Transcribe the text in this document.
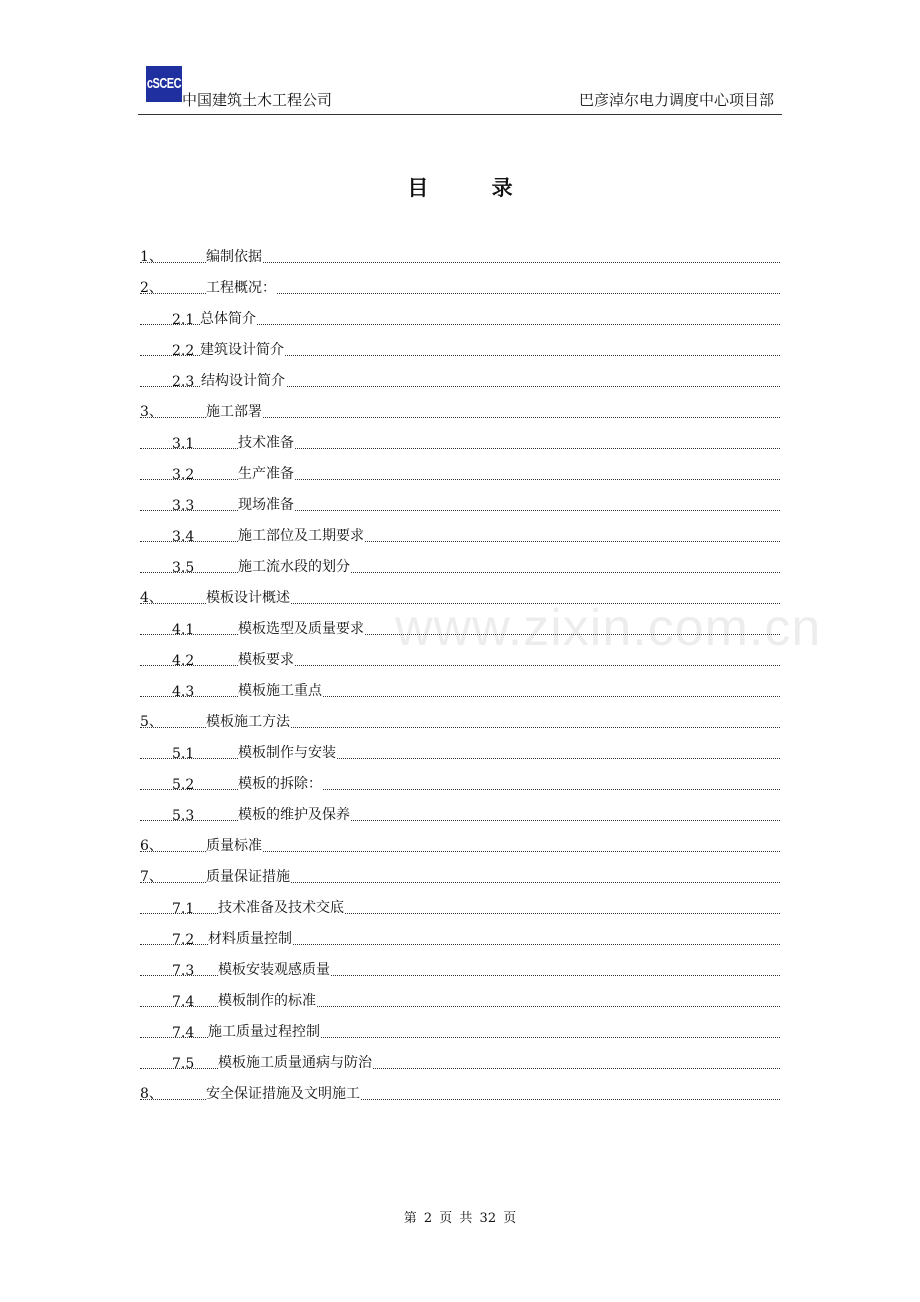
cSCEC
中国建筑土木工程公司	巴彦淖尔电力调度中心项目部
目 录
1、	编制依据
2、	工程概况：
2.1 总体简介
2.2 建筑设计简介
2.3 结构设计简介
3、	施工部署
3.1	技术准备
3.2	生产准备
3.3	现场准备
3.4	施工部位及工期要求
3.5	施工流水段的划分
4、	模板设计概述
4.1	模板选型及质量要求
4.2	模板要求
4.3	模板施工重点
5、	模板施工方法
5.1	模板制作与安装
5.2	模板的拆除：
5.3	模板的维护及保养
6、	质量标准
7、	质量保证措施
7.1 技术准备及技术交底
7.2 材料质量控制
7.3 模板安装观感质量
7.4 模板制作的标准
7.4 施工质量过程控制
7.5 模板施工质量通病与防治
8、	安全保证措施及文明施工
www.zixin.com.cn
第 2 页 共 32 页
